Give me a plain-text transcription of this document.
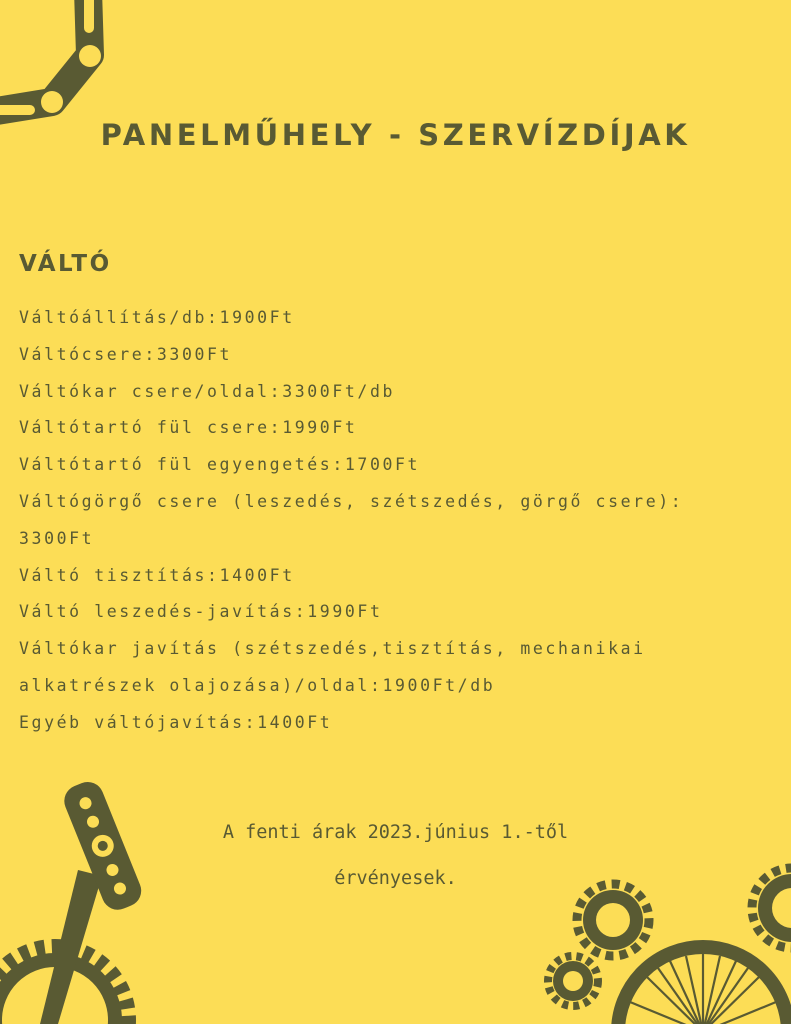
PANELMŰHELY - SZERVÍZDÍJAK
VÁLTÓ
Váltóállítás/db:1900Ft
Váltócsere:3300Ft
Váltókar csere/oldal:3300Ft/db
Váltótartó fül csere:1990Ft
Váltótartó fül egyengetés:1700Ft
Váltógörgő csere (leszedés, szétszedés, görgő csere):
3300Ft
Váltó tisztítás:1400Ft
Váltó leszedés-javítás:1990Ft
Váltókar javítás (szétszedés,tisztítás, mechanikai
alkatrészek olajozása)/oldal:1900Ft/db
Egyéb váltójavítás:1400Ft

A fenti árak 2023.június 1.-től
érvényesek.
